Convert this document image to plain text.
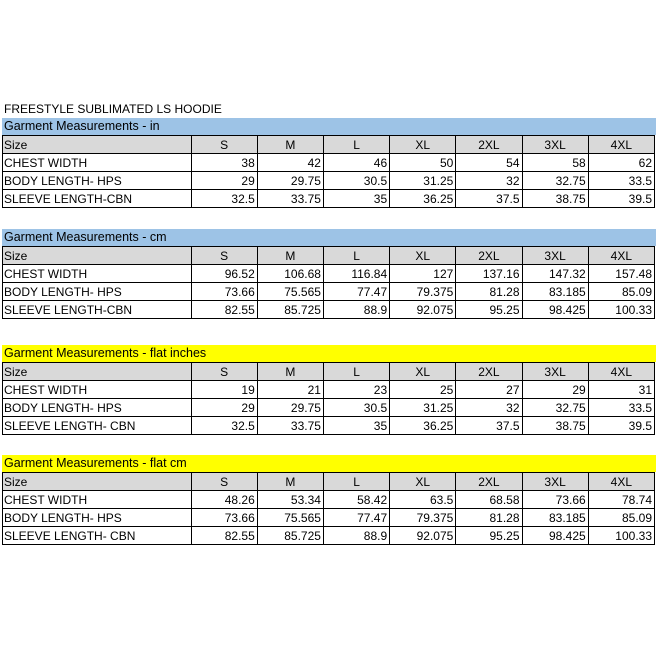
FREESTYLE SUBLIMATED LS HOODIE
Garment Measurements - in
Size	S	M	L	XL	2XL	3XL	4XL
CHEST WIDTH	38	42	46	50	54	58	62
BODY LENGTH- HPS	29	29.75	30.5	31.25	32	32.75	33.5
SLEEVE LENGTH-CBN	32.5	33.75	35	36.25	37.5	38.75	39.5
Garment Measurements - cm
Size	S	M	L	XL	2XL	3XL	4XL
CHEST WIDTH	96.52	106.68	116.84	127	137.16	147.32	157.48
BODY LENGTH- HPS	73.66	75.565	77.47	79.375	81.28	83.185	85.09
SLEEVE LENGTH-CBN	82.55	85.725	88.9	92.075	95.25	98.425	100.33
Garment Measurements - flat inches
Size	S	M	L	XL	2XL	3XL	4XL
CHEST WIDTH	19	21	23	25	27	29	31
BODY LENGTH- HPS	29	29.75	30.5	31.25	32	32.75	33.5
SLEEVE LENGTH- CBN	32.5	33.75	35	36.25	37.5	38.75	39.5
Garment Measurements - flat cm
Size	S	M	L	XL	2XL	3XL	4XL
CHEST WIDTH	48.26	53.34	58.42	63.5	68.58	73.66	78.74
BODY LENGTH- HPS	73.66	75.565	77.47	79.375	81.28	83.185	85.09
SLEEVE LENGTH- CBN	82.55	85.725	88.9	92.075	95.25	98.425	100.33
